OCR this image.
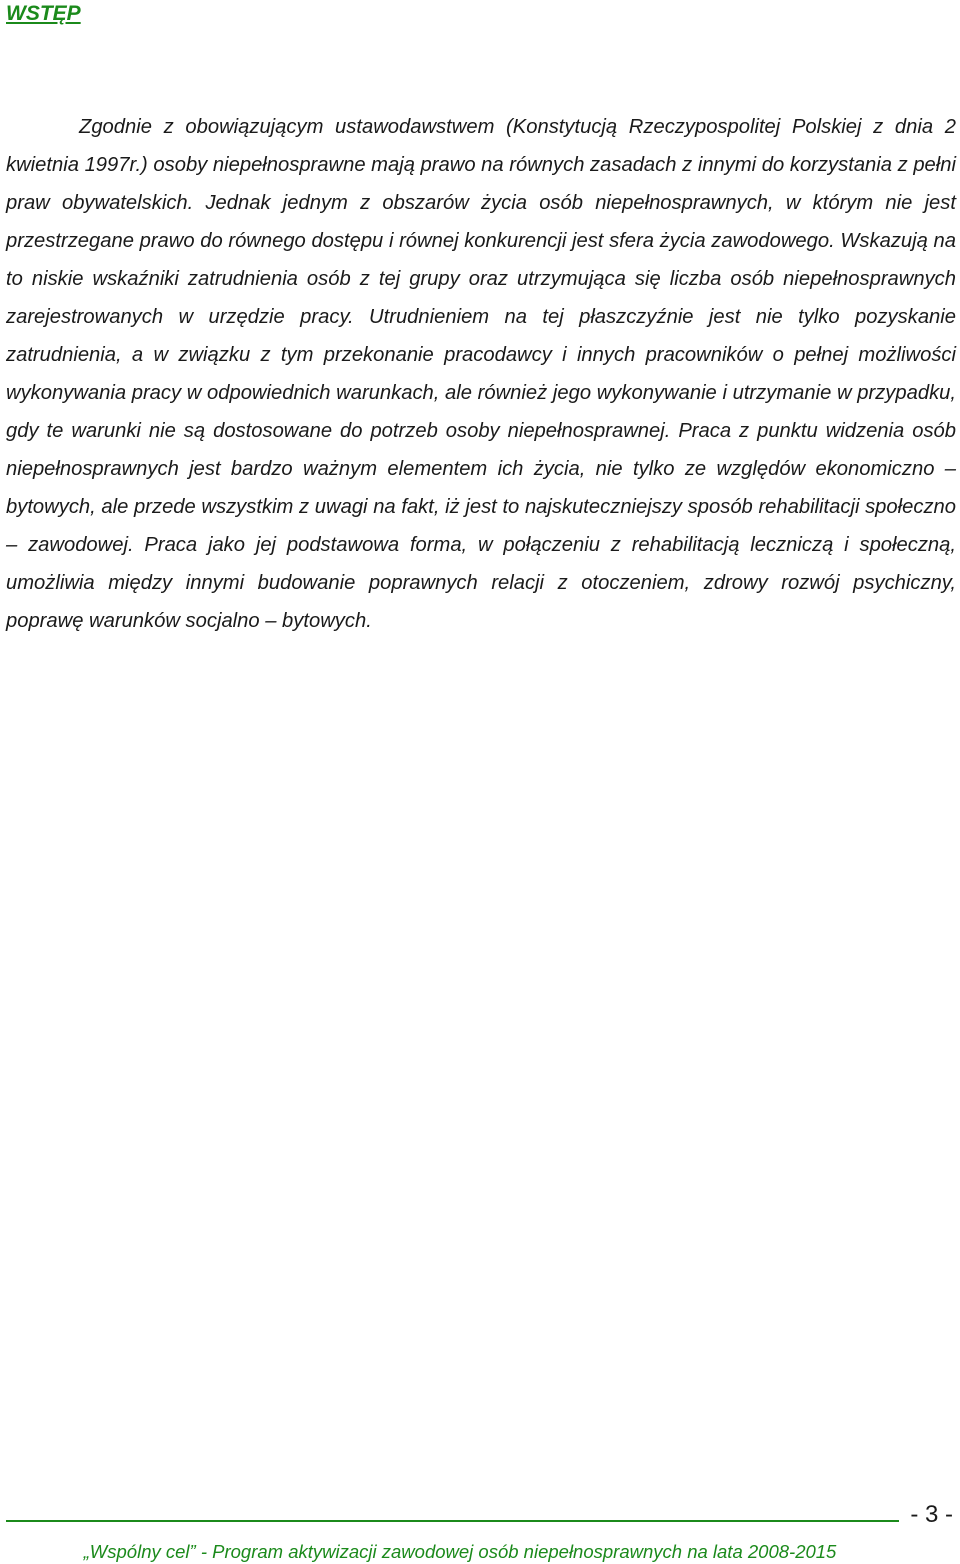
WSTĘP

Zgodnie z obowiązującym ustawodawstwem (Konstytucją Rzeczypospolitej Polskiej z dnia 2 kwietnia 1997r.) osoby niepełnosprawne mają prawo na równych zasadach z innymi do korzystania z pełni praw obywatelskich. Jednak jednym z obszarów życia osób niepełnosprawnych, w którym nie jest przestrzegane prawo do równego dostępu i równej konkurencji jest sfera życia zawodowego. Wskazują na to niskie wskaźniki zatrudnienia osób z tej grupy oraz utrzymująca się liczba osób niepełnosprawnych zarejestrowanych w urzędzie pracy. Utrudnieniem na tej płaszczyźnie jest nie tylko pozyskanie zatrudnienia, a w związku z tym przekonanie pracodawcy i innych pracowników o pełnej możliwości wykonywania pracy w odpowiednich warunkach, ale również jego wykonywanie i utrzymanie w przypadku, gdy te warunki nie są dostosowane do potrzeb osoby niepełnosprawnej. Praca z punktu widzenia osób niepełnosprawnych jest bardzo ważnym elementem ich życia, nie tylko ze względów ekonomiczno – bytowych, ale przede wszystkim z uwagi na fakt, iż jest to najskuteczniejszy sposób rehabilitacji społeczno – zawodowej. Praca jako jej podstawowa forma, w połączeniu z rehabilitacją leczniczą i społeczną, umożliwia między innymi budowanie poprawnych relacji z otoczeniem, zdrowy rozwój psychiczny, poprawę warunków socjalno – bytowych.

- 3 -
„Wspólny cel” - Program aktywizacji zawodowej osób niepełnosprawnych na lata 2008-2015
